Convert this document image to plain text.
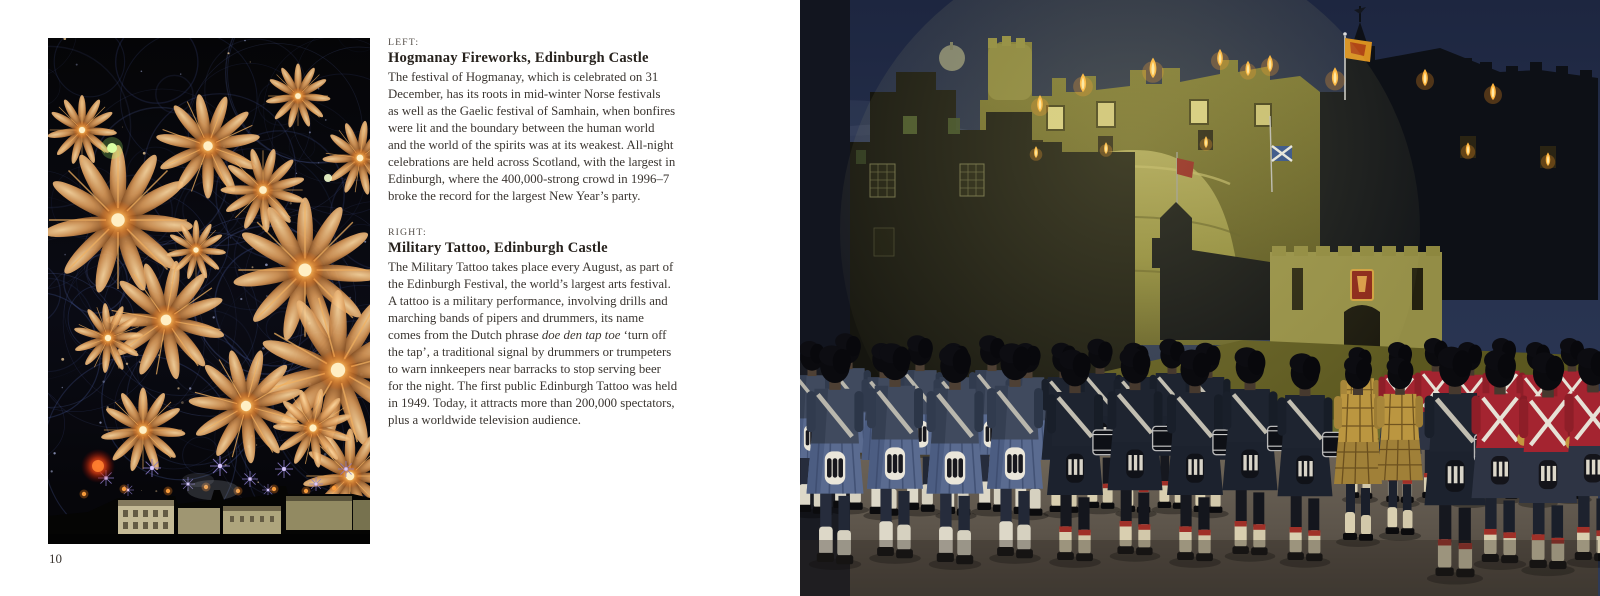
LEFT:
Hogmanay Fireworks, Edinburgh Castle
The festival of Hogmanay, which is celebrated on 31
December, has its roots in mid-winter Norse festivals
as well as the Gaelic festival of Samhain, when bonfires
were lit and the boundary between the human world
and the world of the spirits was at its weakest. All-night
celebrations are held across Scotland, with the largest in
Edinburgh, where the 400,000-strong crowd in 1996–7
broke the record for the largest New Year’s party.
RIGHT:
Military Tattoo, Edinburgh Castle
The Military Tattoo takes place every August, as part of
the Edinburgh Festival, the world’s largest arts festival.
A tattoo is a military performance, involving drills and
marching bands of pipers and drummers, its name
comes from the Dutch phrase doe den tap toe ‘turn off
the tap’, a traditional signal by drummers or trumpeters
to warn innkeepers near barracks to stop serving beer
for the night. The first public Edinburgh Tattoo was held
in 1949. Today, it attracts more than 200,000 spectators,
plus a worldwide television audience.
10
